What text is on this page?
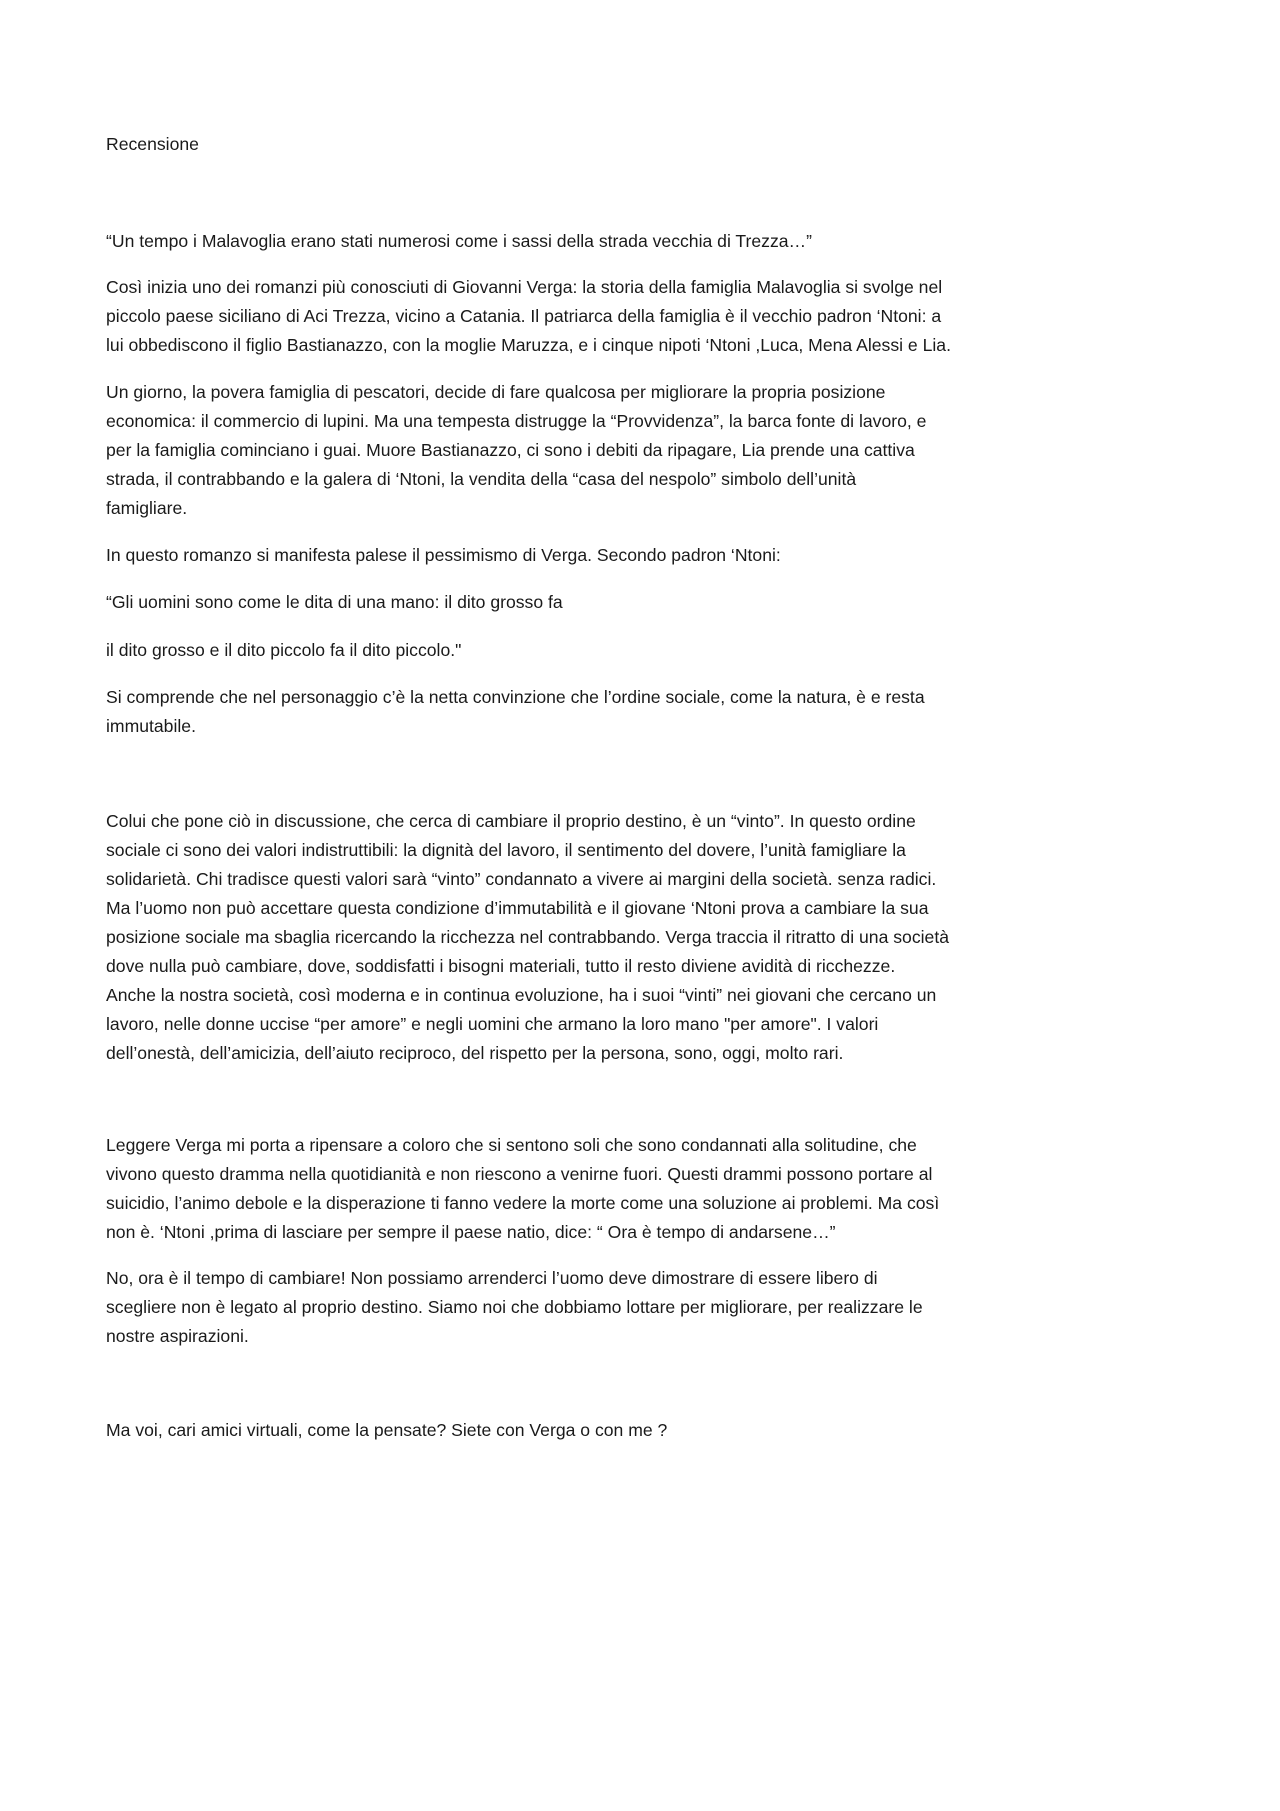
Recensione
“Un tempo i Malavoglia erano stati numerosi come i sassi della strada vecchia di Trezza…”
Così inizia uno dei romanzi più conosciuti di Giovanni Verga: la storia della famiglia Malavoglia si svolge nel
piccolo paese siciliano di Aci Trezza, vicino a Catania. Il patriarca della famiglia è il vecchio padron ‘Ntoni: a
lui obbediscono il figlio Bastianazzo, con la moglie Maruzza, e i cinque nipoti ‘Ntoni ,Luca, Mena Alessi e Lia.
Un giorno, la povera famiglia di pescatori, decide di fare qualcosa per migliorare la propria posizione
economica: il commercio di lupini. Ma una tempesta distrugge la “Provvidenza”, la barca fonte di lavoro, e
per la famiglia cominciano i guai. Muore Bastianazzo, ci sono i debiti da ripagare, Lia prende una cattiva
strada, il contrabbando e la galera di ‘Ntoni, la vendita della “casa del nespolo” simbolo dell’unità
famigliare.
In questo romanzo si manifesta palese il pessimismo di Verga. Secondo padron ‘Ntoni:
“Gli uomini sono come le dita di una mano: il dito grosso fa
il dito grosso e il dito piccolo fa il dito piccolo."
Si comprende che nel personaggio c’è la netta convinzione che l’ordine sociale, come la natura, è e resta
immutabile.
Colui che pone ciò in discussione, che cerca di cambiare il proprio destino, è un “vinto”. In questo ordine
sociale ci sono dei valori indistruttibili: la dignità del lavoro, il sentimento del dovere, l’unità famigliare la
solidarietà. Chi tradisce questi valori sarà “vinto” condannato a vivere ai margini della società. senza radici.
Ma l’uomo non può accettare questa condizione d’immutabilità e il giovane ‘Ntoni prova a cambiare la sua
posizione sociale ma sbaglia ricercando la ricchezza nel contrabbando. Verga traccia il ritratto di una società
dove nulla può cambiare, dove, soddisfatti i bisogni materiali, tutto il resto diviene avidità di ricchezze.
Anche la nostra società, così moderna e in continua evoluzione, ha i suoi “vinti” nei giovani che cercano un
lavoro, nelle donne uccise “per amore” e negli uomini che armano la loro mano "per amore". I valori
dell’onestà, dell’amicizia, dell’aiuto reciproco, del rispetto per la persona, sono, oggi, molto rari.
Leggere Verga mi porta a ripensare a coloro che si sentono soli che sono condannati alla solitudine, che
vivono questo dramma nella quotidianità e non riescono a venirne fuori. Questi drammi possono portare al
suicidio, l’animo debole e la disperazione ti fanno vedere la morte come una soluzione ai problemi. Ma così
non è. ‘Ntoni ,prima di lasciare per sempre il paese natio, dice: “ Ora è tempo di andarsene…”
No, ora è il tempo di cambiare! Non possiamo arrenderci l’uomo deve dimostrare di essere libero di
scegliere non è legato al proprio destino. Siamo noi che dobbiamo lottare per migliorare, per realizzare le
nostre aspirazioni.
Ma voi, cari amici virtuali, come la pensate? Siete con Verga o con me ?
